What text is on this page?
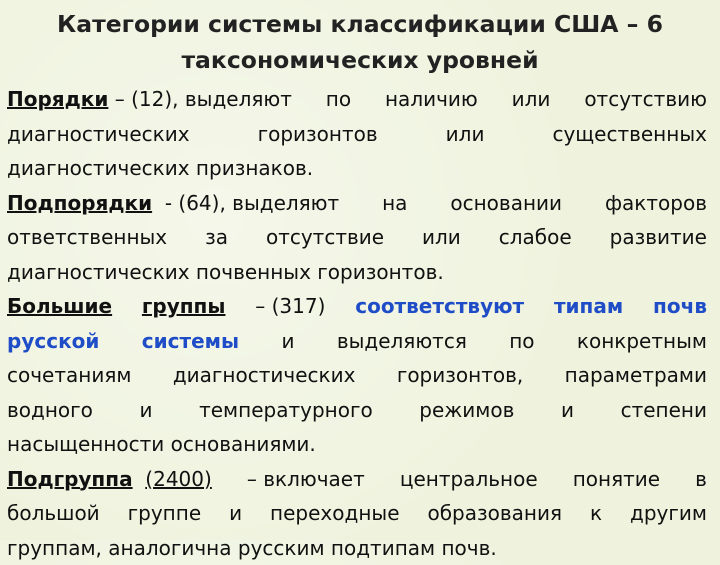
Категории системы классификации США – 6
таксономических уровней
Порядки – (12), выделяют по наличию или отсутствию
диагностических	горизонтов	или	существенных
диагностических признаков.
Подпорядки - (64), выделяют на основании факторов
ответственных за отсутствие или слабое развитие
диагностических почвенных горизонтов.
Большие группы – (317) соответствуют типам почв
русской системы и выделяются по конкретным
сочетаниям диагностических горизонтов, параметрами
водного и температурного режимов и степени
насыщенности основаниями.
Подгруппа (2400) – включает центральное понятие в
большой группе и переходные образования к другим
группам, аналогична русским подтипам почв.
